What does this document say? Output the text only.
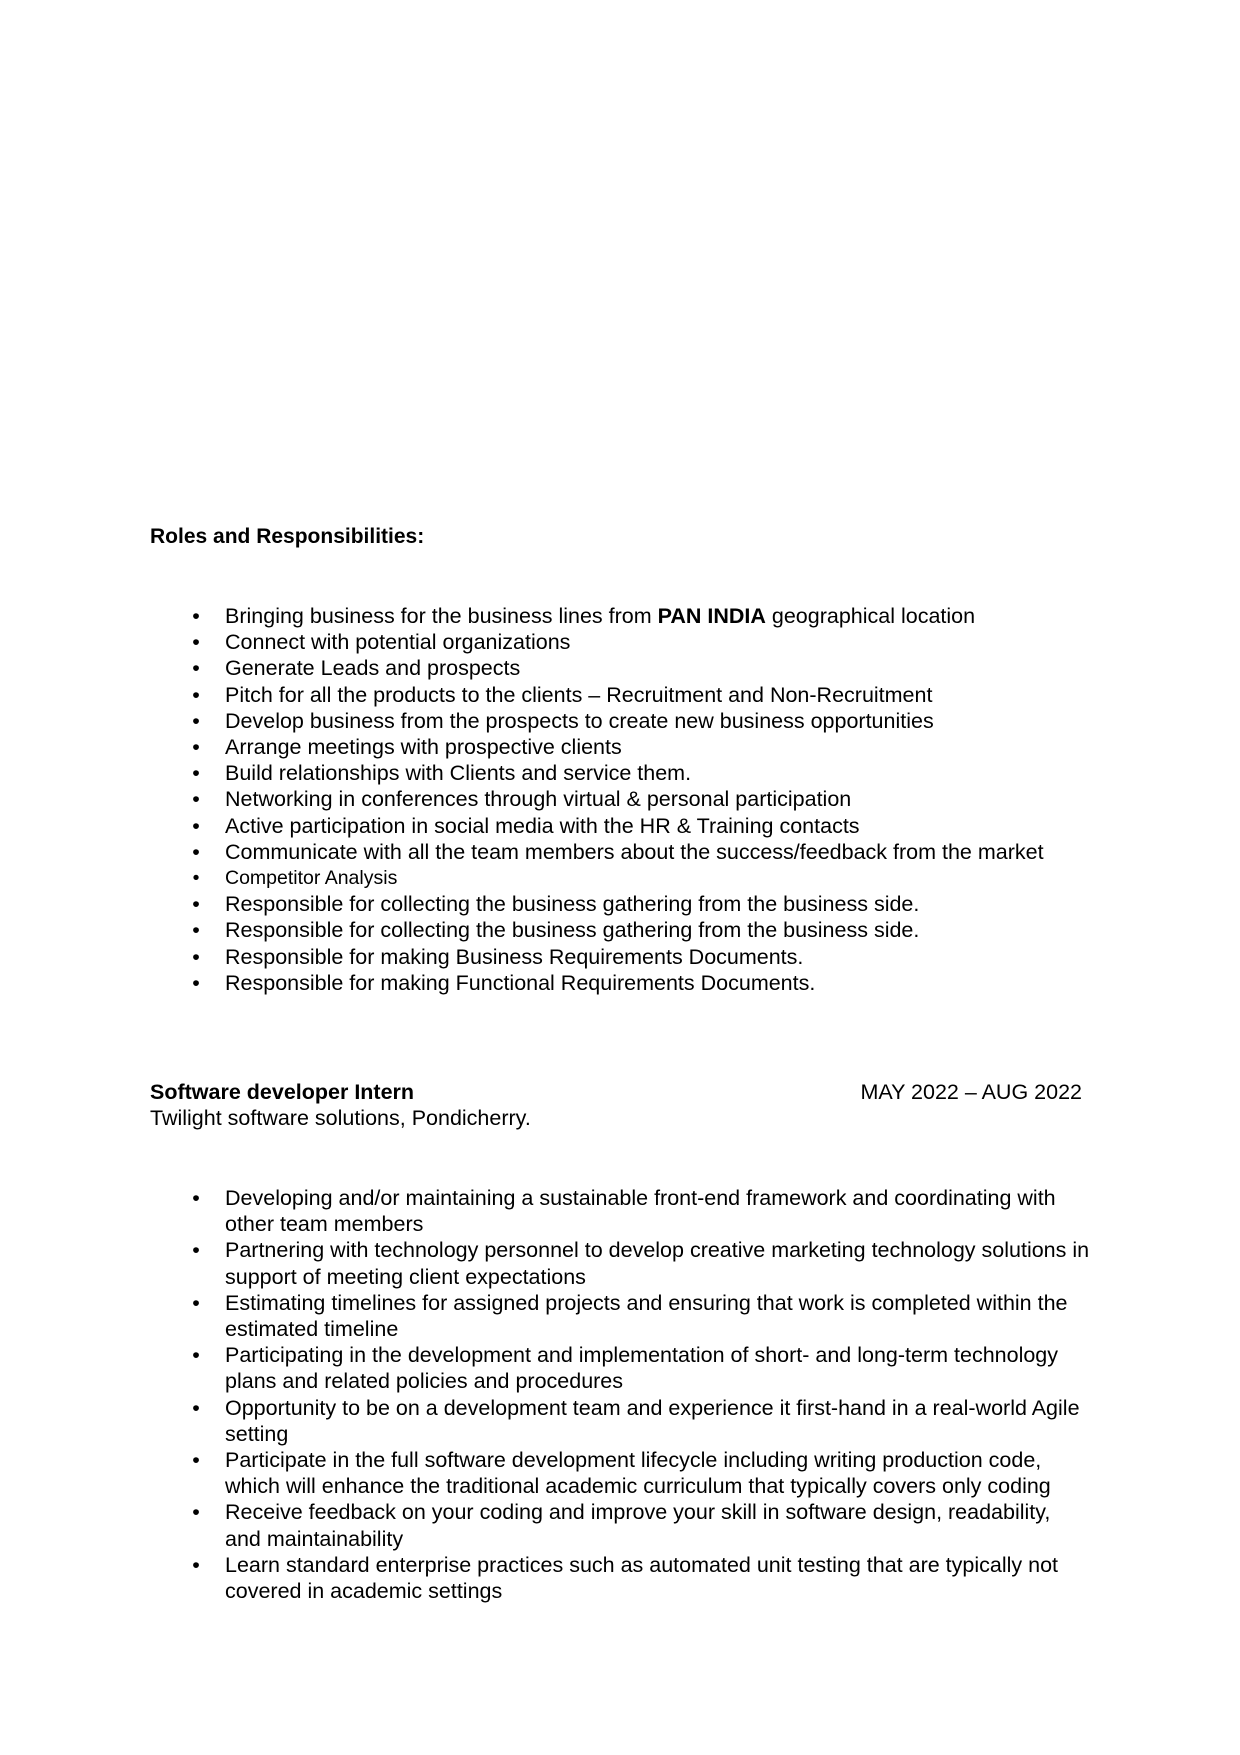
Roles and Responsibilities:
• Bringing business for the business lines from PAN INDIA geographical location
• Connect with potential organizations
• Generate Leads and prospects
• Pitch for all the products to the clients – Recruitment and Non-Recruitment
• Develop business from the prospects to create new business opportunities
• Arrange meetings with prospective clients
• Build relationships with Clients and service them.
• Networking in conferences through virtual & personal participation
• Active participation in social media with the HR & Training contacts
• Communicate with all the team members about the success/feedback from the market
• Competitor Analysis
• Responsible for collecting the business gathering from the business side.
• Responsible for collecting the business gathering from the business side.
• Responsible for making Business Requirements Documents.
• Responsible for making Functional Requirements Documents.
Software developer Intern	MAY 2022 – AUG 2022
Twilight software solutions, Pondicherry.
• Developing and/or maintaining a sustainable front-end framework and coordinating with other team members
• Partnering with technology personnel to develop creative marketing technology solutions in support of meeting client expectations
• Estimating timelines for assigned projects and ensuring that work is completed within the estimated timeline
• Participating in the development and implementation of short- and long-term technology plans and related policies and procedures
• Opportunity to be on a development team and experience it first-hand in a real-world Agile setting
• Participate in the full software development lifecycle including writing production code, which will enhance the traditional academic curriculum that typically covers only coding
• Receive feedback on your coding and improve your skill in software design, readability, and maintainability
• Learn standard enterprise practices such as automated unit testing that are typically not covered in academic settings
